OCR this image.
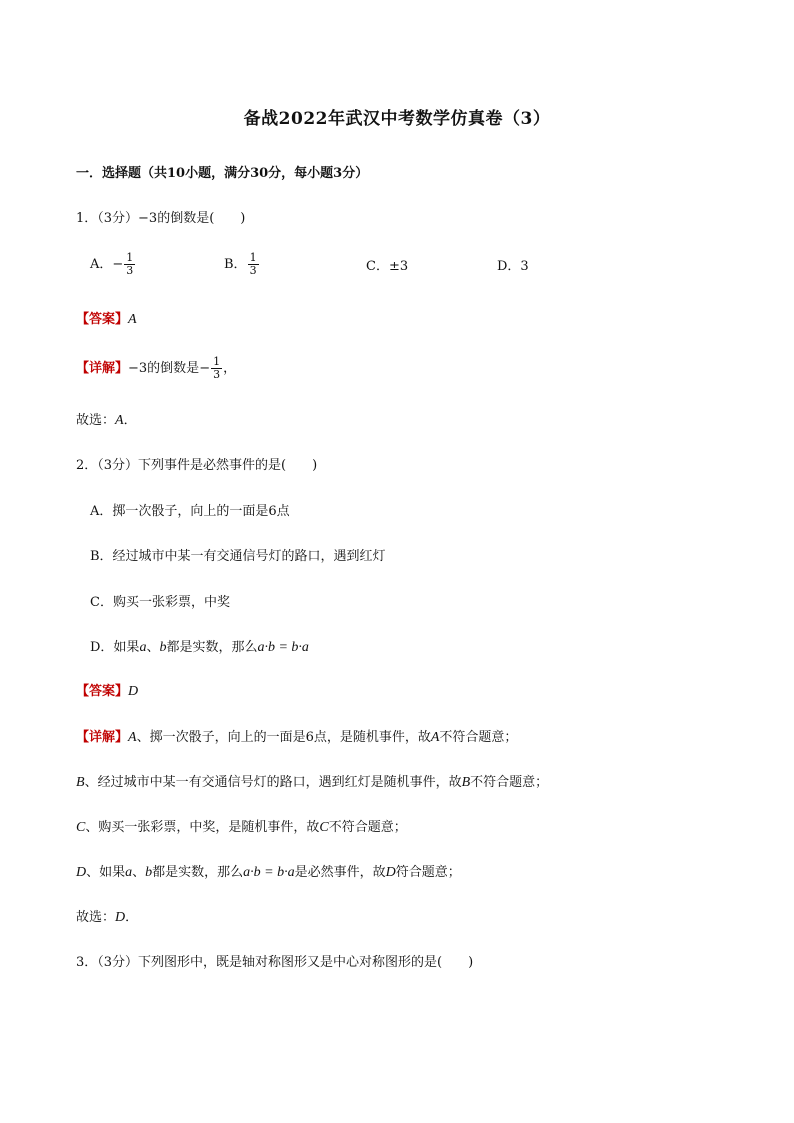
备战2022年武汉中考数学仿真卷（3）
一．选择题（共10小题，满分30分，每小题3分）
1．（3分）−3的倒数是(　　)
A．− $\frac{1}{3}$	B． $\frac{1}{3}$	C．±3	D．3
【答案】A
【详解】−3的倒数是− $\frac{1}{3}$ ，
故选：A．
2．（3分）下列事件是必然事件的是(　　)
A．掷一次骰子，向上的一面是6点
B．经过城市中某一有交通信号灯的路口，遇到红灯
C．购买一张彩票，中奖
D．如果a、b都是实数，那么a·b = b·a
【答案】D
【详解】A、掷一次骰子，向上的一面是6点，是随机事件，故A不符合题意；
B、经过城市中某一有交通信号灯的路口，遇到红灯是随机事件，故B不符合题意；
C、购买一张彩票，中奖，是随机事件，故C不符合题意；
D、如果a、b都是实数，那么a·b = b·a是必然事件，故D符合题意；
故选：D．
3．（3分）下列图形中，既是轴对称图形又是中心对称图形的是(　　)
